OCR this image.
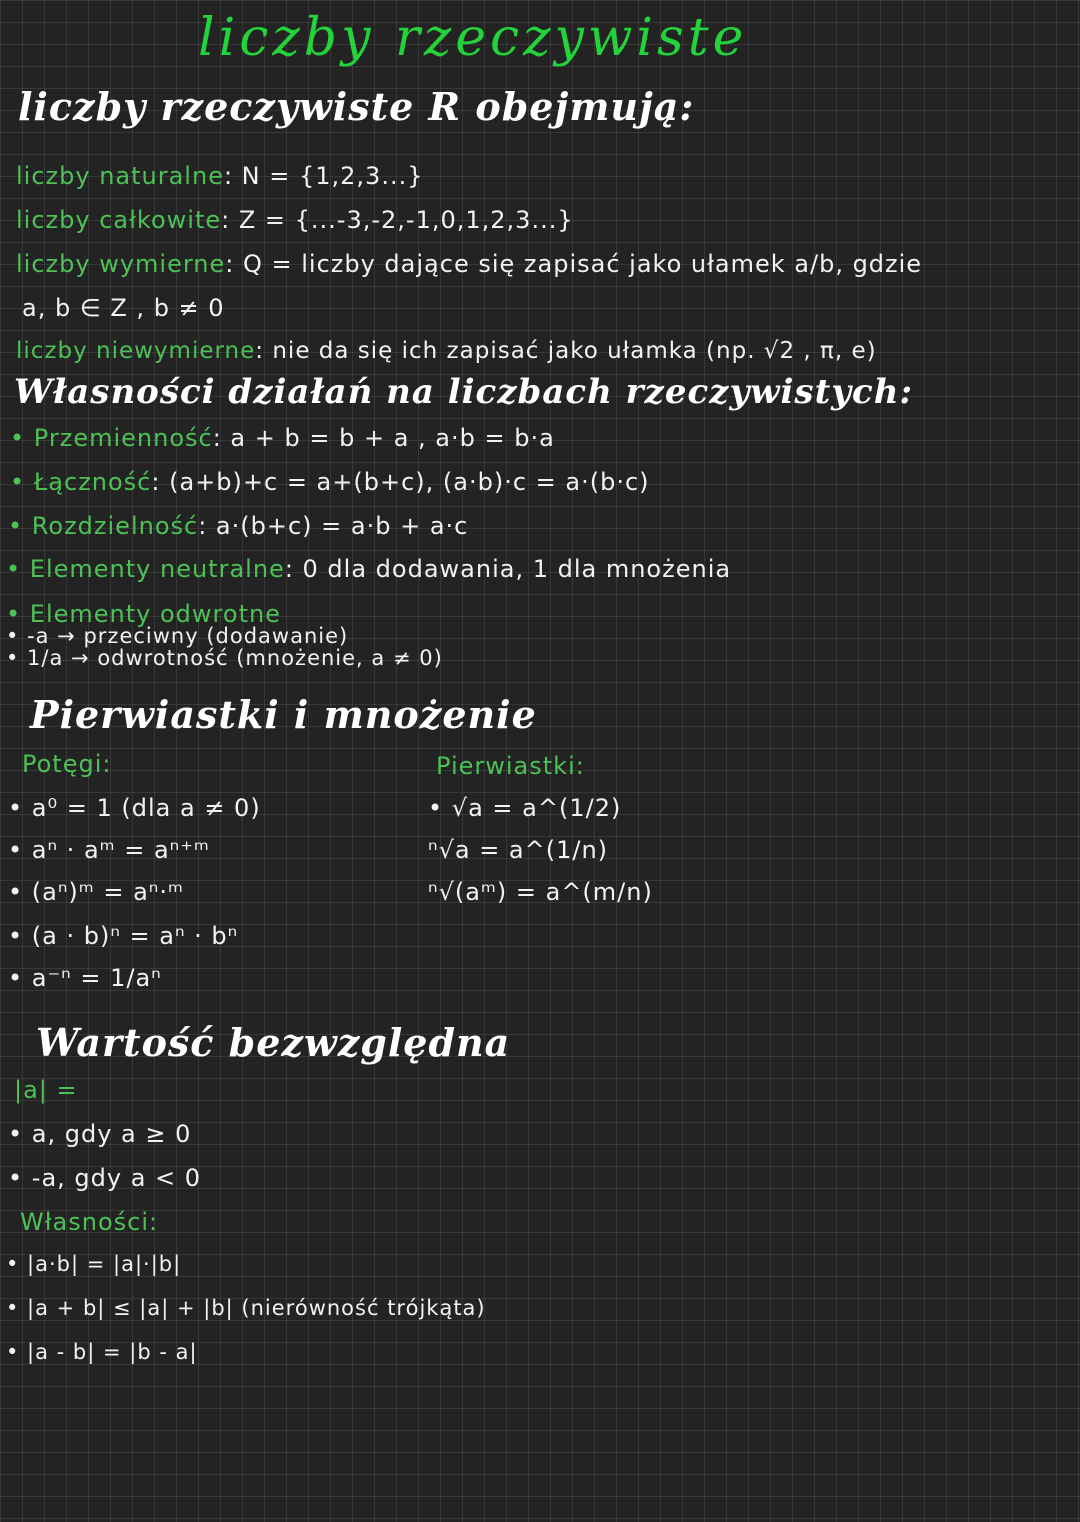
liczby rzeczywiste
liczby rzeczywiste R obejmują:
liczby naturalne: N = {1,2,3...}
liczby całkowite: Z = {...-3,-2,-1,0,1,2,3...}
liczby wymierne: Q = liczby dające się zapisać jako ułamek a/b, gdzie
a, b ∈ Z , b ≠ 0
liczby niewymierne: nie da się ich zapisać jako ułamka (np. √2 , π, e)
Własności działań na liczbach rzeczywistych:
• Przemienność: a + b = b + a , a·b = b·a
• Łączność: (a+b)+c = a+(b+c), (a·b)·c = a·(b·c)
• Rozdzielność: a·(b+c) = a·b + a·c
• Elementy neutralne: 0 dla dodawania, 1 dla mnożenia
• Elementy odwrotne
• -a → przeciwny (dodawanie)
• 1/a → odwrotność (mnożenie, a ≠ 0)
Pierwiastki i mnożenie
Potęgi:
• a⁰ = 1 (dla a ≠ 0)
• aⁿ · aᵐ = aⁿ⁺ᵐ
• (aⁿ)ᵐ = aⁿ·ᵐ
• (a · b)ⁿ = aⁿ · bⁿ
• a⁻ⁿ = 1/aⁿ
Pierwiastki:
• √a = a^(1/2)
ⁿ√a = a^(1/n)
ⁿ√(aᵐ) = a^(m/n)
Wartość bezwzględna
|a| =
• a, gdy a ≥ 0
• -a, gdy a < 0
Własności:
• |a·b| = |a|·|b|
• |a + b| ≤ |a| + |b| (nierówność trójkąta)
• |a - b| = |b - a|
